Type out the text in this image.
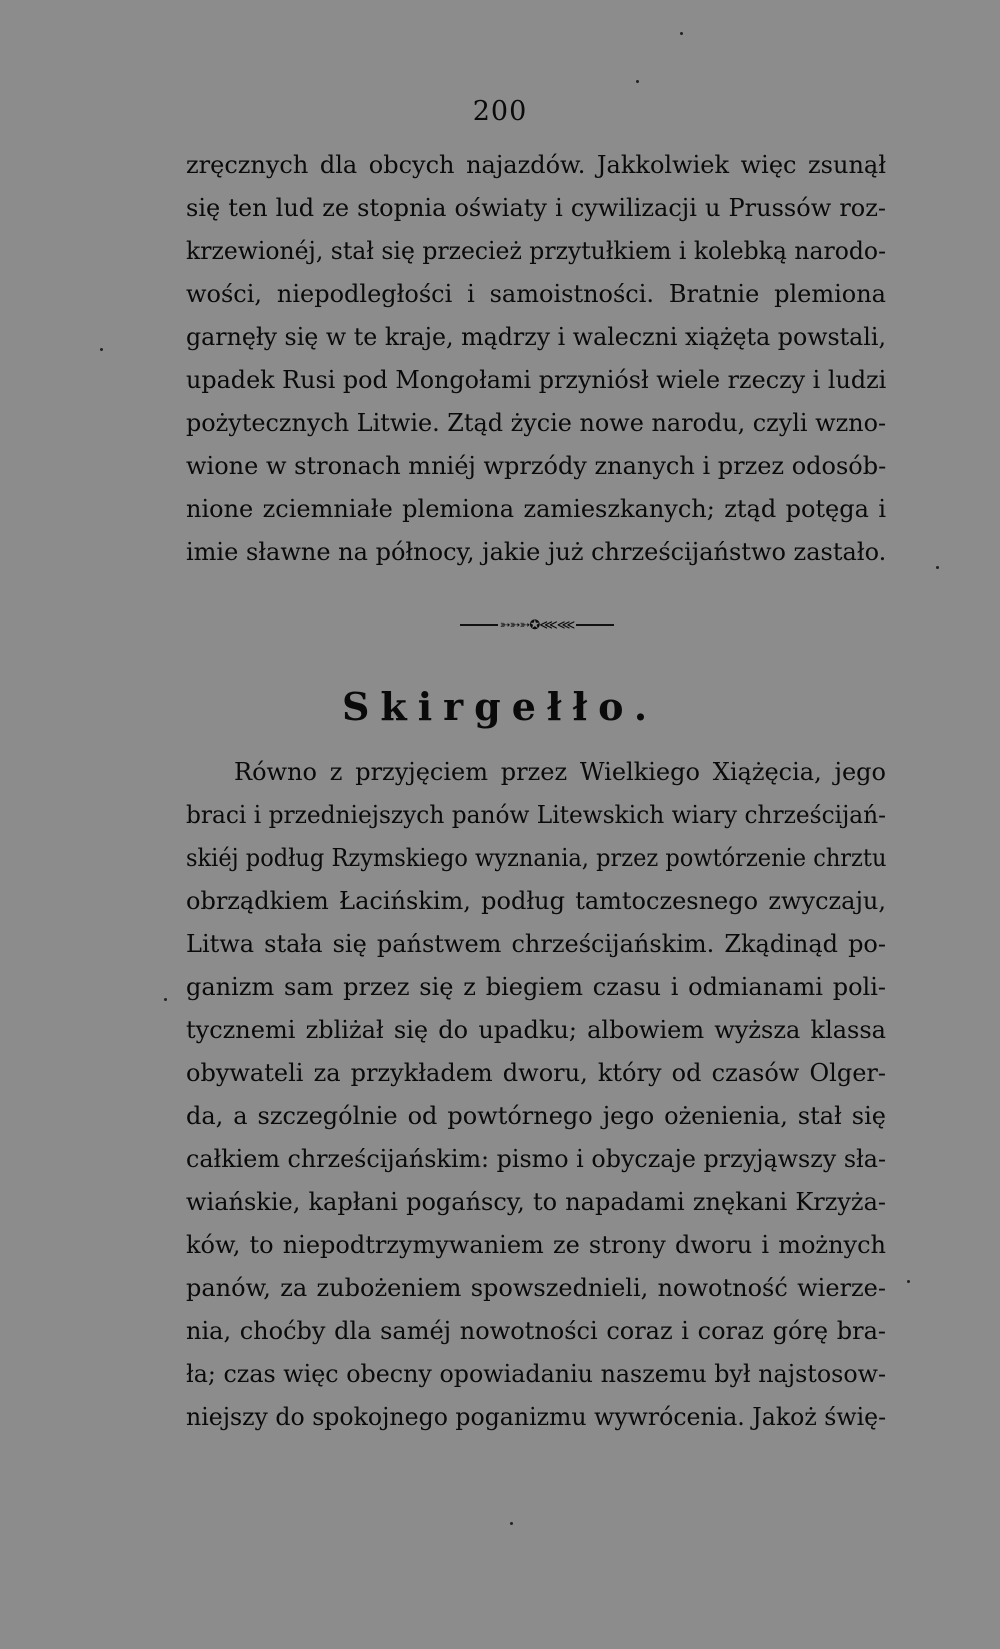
200
zręcznych dla obcych najazdów. Jakkolwiek więc zsunął
się ten lud ze stopnia oświaty i cywilizacji u Prussów roz-
krzewionéj, stał się przecież przytułkiem i kolebką narodo-
wości, niepodległości i samoistności. Bratnie plemiona
garnęły się w te kraje, mądrzy i waleczni xiążęta powstali,
upadek Rusi pod Mongołami przyniósł wiele rzeczy i ludzi
pożytecznych Litwie. Ztąd życie nowe narodu, czyli wzno-
wione w stronach mniéj wprzódy znanych i przez odosób-
nione zciemniałe plemiona zamieszkanych; ztąd potęga i
imie sławne na północy, jakie już chrześcijaństwo zastało.
➳➳➳✪⋘⋘
Skirgełło.
Równo z przyjęciem przez Wielkiego Xiążęcia, jego
braci i przedniejszych panów Litewskich wiary chrześcijań-
skiéj podług Rzymskiego wyznania, przez powtórzenie chrztu
obrządkiem Łacińskim, podług tamtoczesnego zwyczaju,
Litwa stała się państwem chrześcijańskim. Zkądinąd po-
ganizm sam przez się z biegiem czasu i odmianami poli-
tycznemi zbliżał się do upadku; albowiem wyższa klassa
obywateli za przykładem dworu, który od czasów Olger-
da, a szczególnie od powtórnego jego ożenienia, stał się
całkiem chrześcijańskim: pismo i obyczaje przyjąwszy sła-
wiańskie, kapłani pogańscy, to napadami znękani Krzyża-
ków, to niepodtrzymywaniem ze strony dworu i możnych
panów, za zubożeniem spowszednieli, nowotność wierze-
nia, choćby dla saméj nowotności coraz i coraz górę bra-
ła; czas więc obecny opowiadaniu naszemu był najstosow-
niejszy do spokojnego poganizmu wywrócenia. Jakoż świę-
